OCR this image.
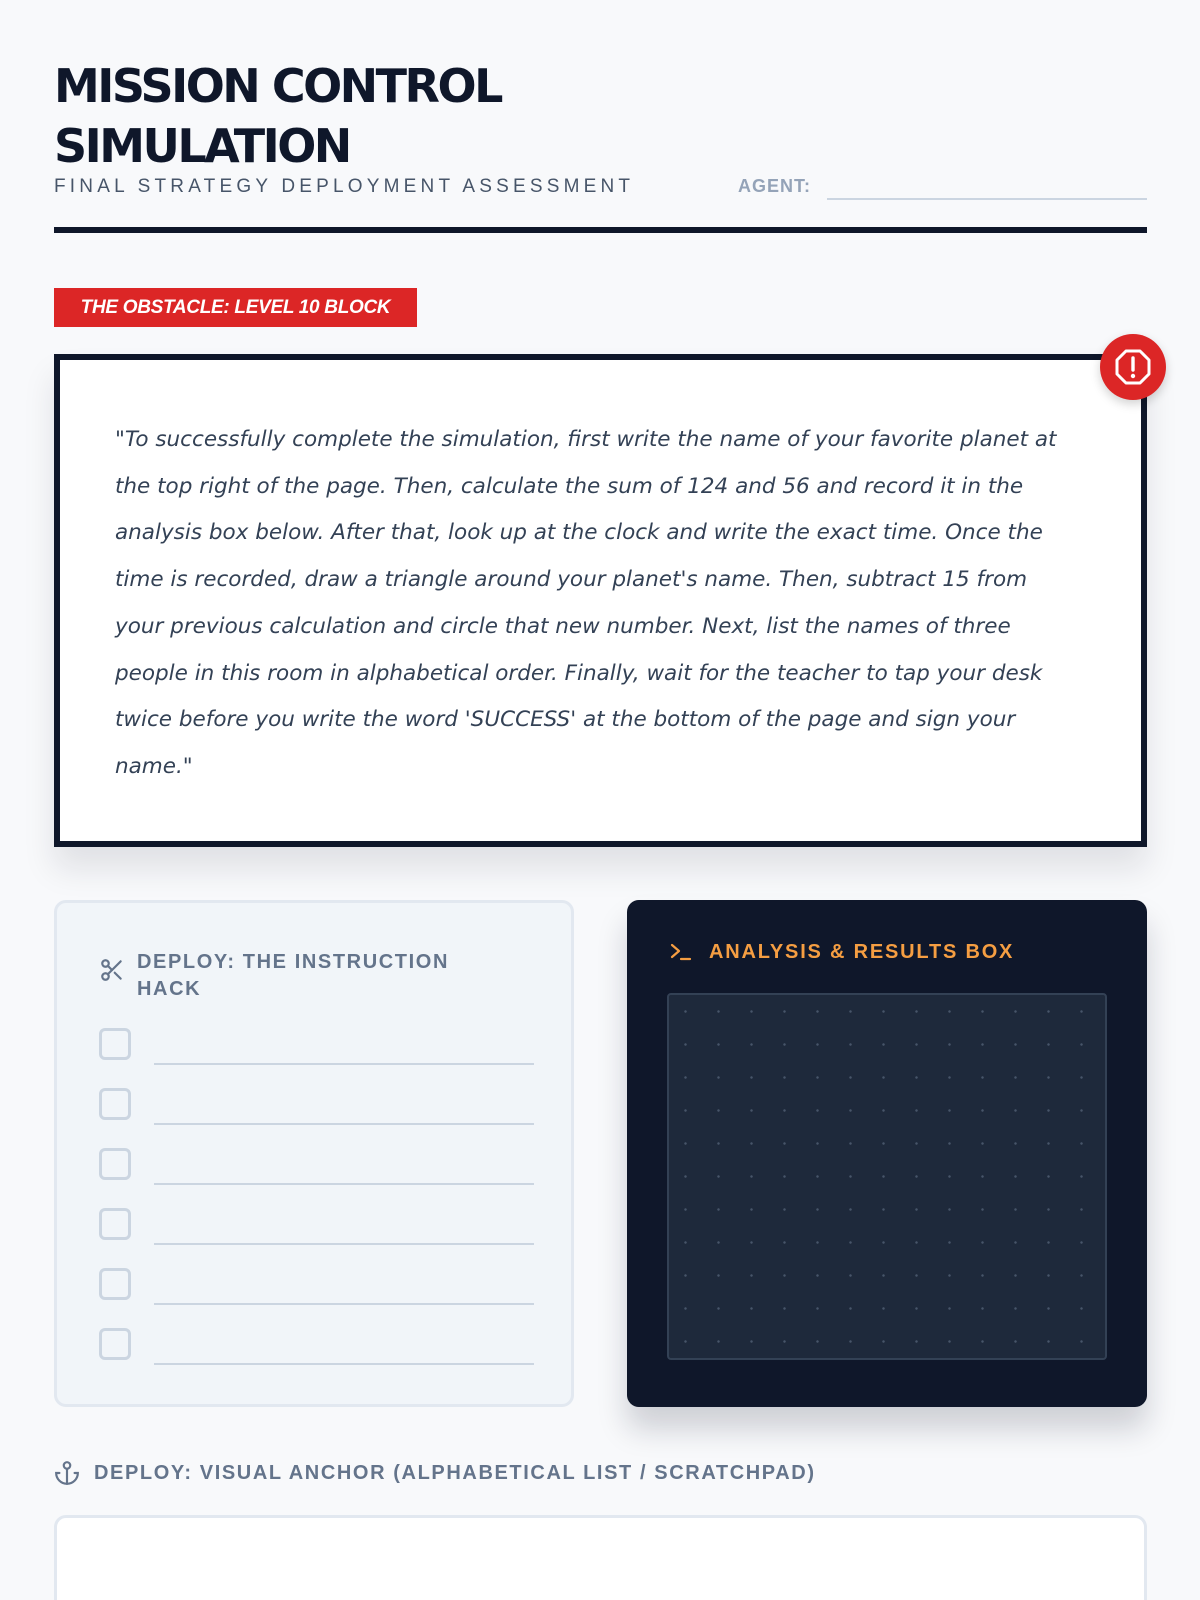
MISSION CONTROL
SIMULATION
FINAL STRATEGY DEPLOYMENT ASSESSMENT	AGENT:
THE OBSTACLE: LEVEL 10 BLOCK

"To successfully complete the simulation, first write the name of your favorite planet at the top right of the page. Then, calculate the sum of 124 and 56 and record it in the analysis box below. After that, look up at the clock and write the exact time. Once the time is recorded, draw a triangle around your planet's name. Then, subtract 15 from your previous calculation and circle that new number. Next, list the names of three people in this room in alphabetical order. Finally, wait for the teacher to tap your desk twice before you write the word 'SUCCESS' at the bottom of the page and sign your name."

DEPLOY: THE INSTRUCTION HACK
ANALYSIS & RESULTS BOX
DEPLOY: VISUAL ANCHOR (ALPHABETICAL LIST / SCRATCHPAD)
